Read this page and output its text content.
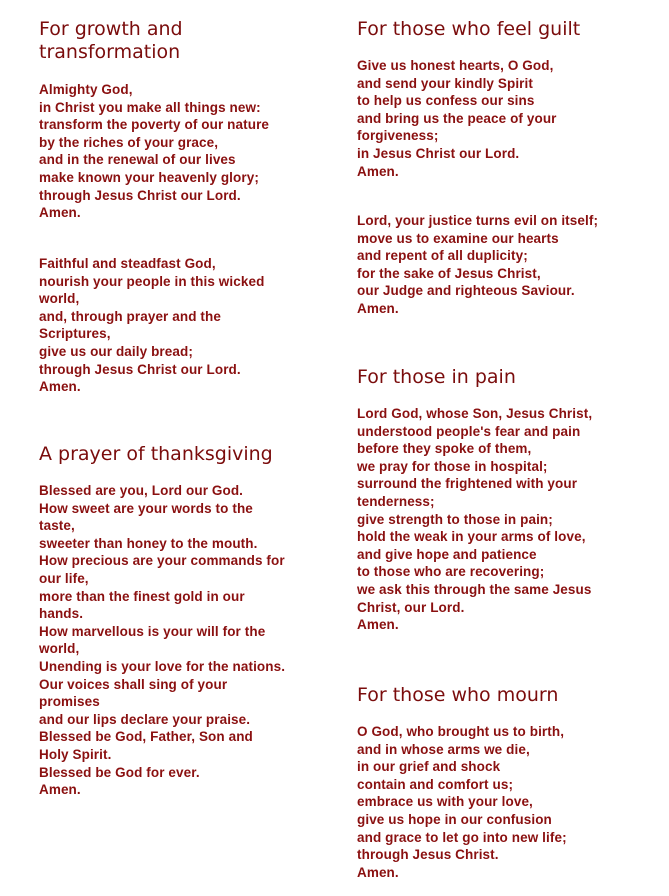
For growth and
transformation

Almighty God,
in Christ you make all things new:
transform the poverty of our nature
by the riches of your grace,
and in the renewal of our lives
make known your heavenly glory;
through Jesus Christ our Lord.
Amen.

Faithful and steadfast God,
nourish your people in this wicked
world,
and, through prayer and the
Scriptures,
give us our daily bread;
through Jesus Christ our Lord.
Amen.

A prayer of thanksgiving

Blessed are you, Lord our God.
How sweet are your words to the
taste,
sweeter than honey to the mouth.
How precious are your commands for
our life,
more than the finest gold in our
hands.
How marvellous is your will for the
world,
Unending is your love for the nations.
Our voices shall sing of your
promises
and our lips declare your praise.
Blessed be God, Father, Son and
Holy Spirit.
Blessed be God for ever.
Amen.

For those who feel guilt

Give us honest hearts, O God,
and send your kindly Spirit
to help us confess our sins
and bring us the peace of your
forgiveness;
in Jesus Christ our Lord.
Amen.

Lord, your justice turns evil on itself;
move us to examine our hearts
and repent of all duplicity;
for the sake of Jesus Christ,
our Judge and righteous Saviour.
Amen.

For those in pain

Lord God, whose Son, Jesus Christ,
understood people's fear and pain
before they spoke of them,
we pray for those in hospital;
surround the frightened with your
tenderness;
give strength to those in pain;
hold the weak in your arms of love,
and give hope and patience
to those who are recovering;
we ask this through the same Jesus
Christ, our Lord.
Amen.

For those who mourn

O God, who brought us to birth,
and in whose arms we die,
in our grief and shock
contain and comfort us;
embrace us with your love,
give us hope in our confusion
and grace to let go into new life;
through Jesus Christ.
Amen.
